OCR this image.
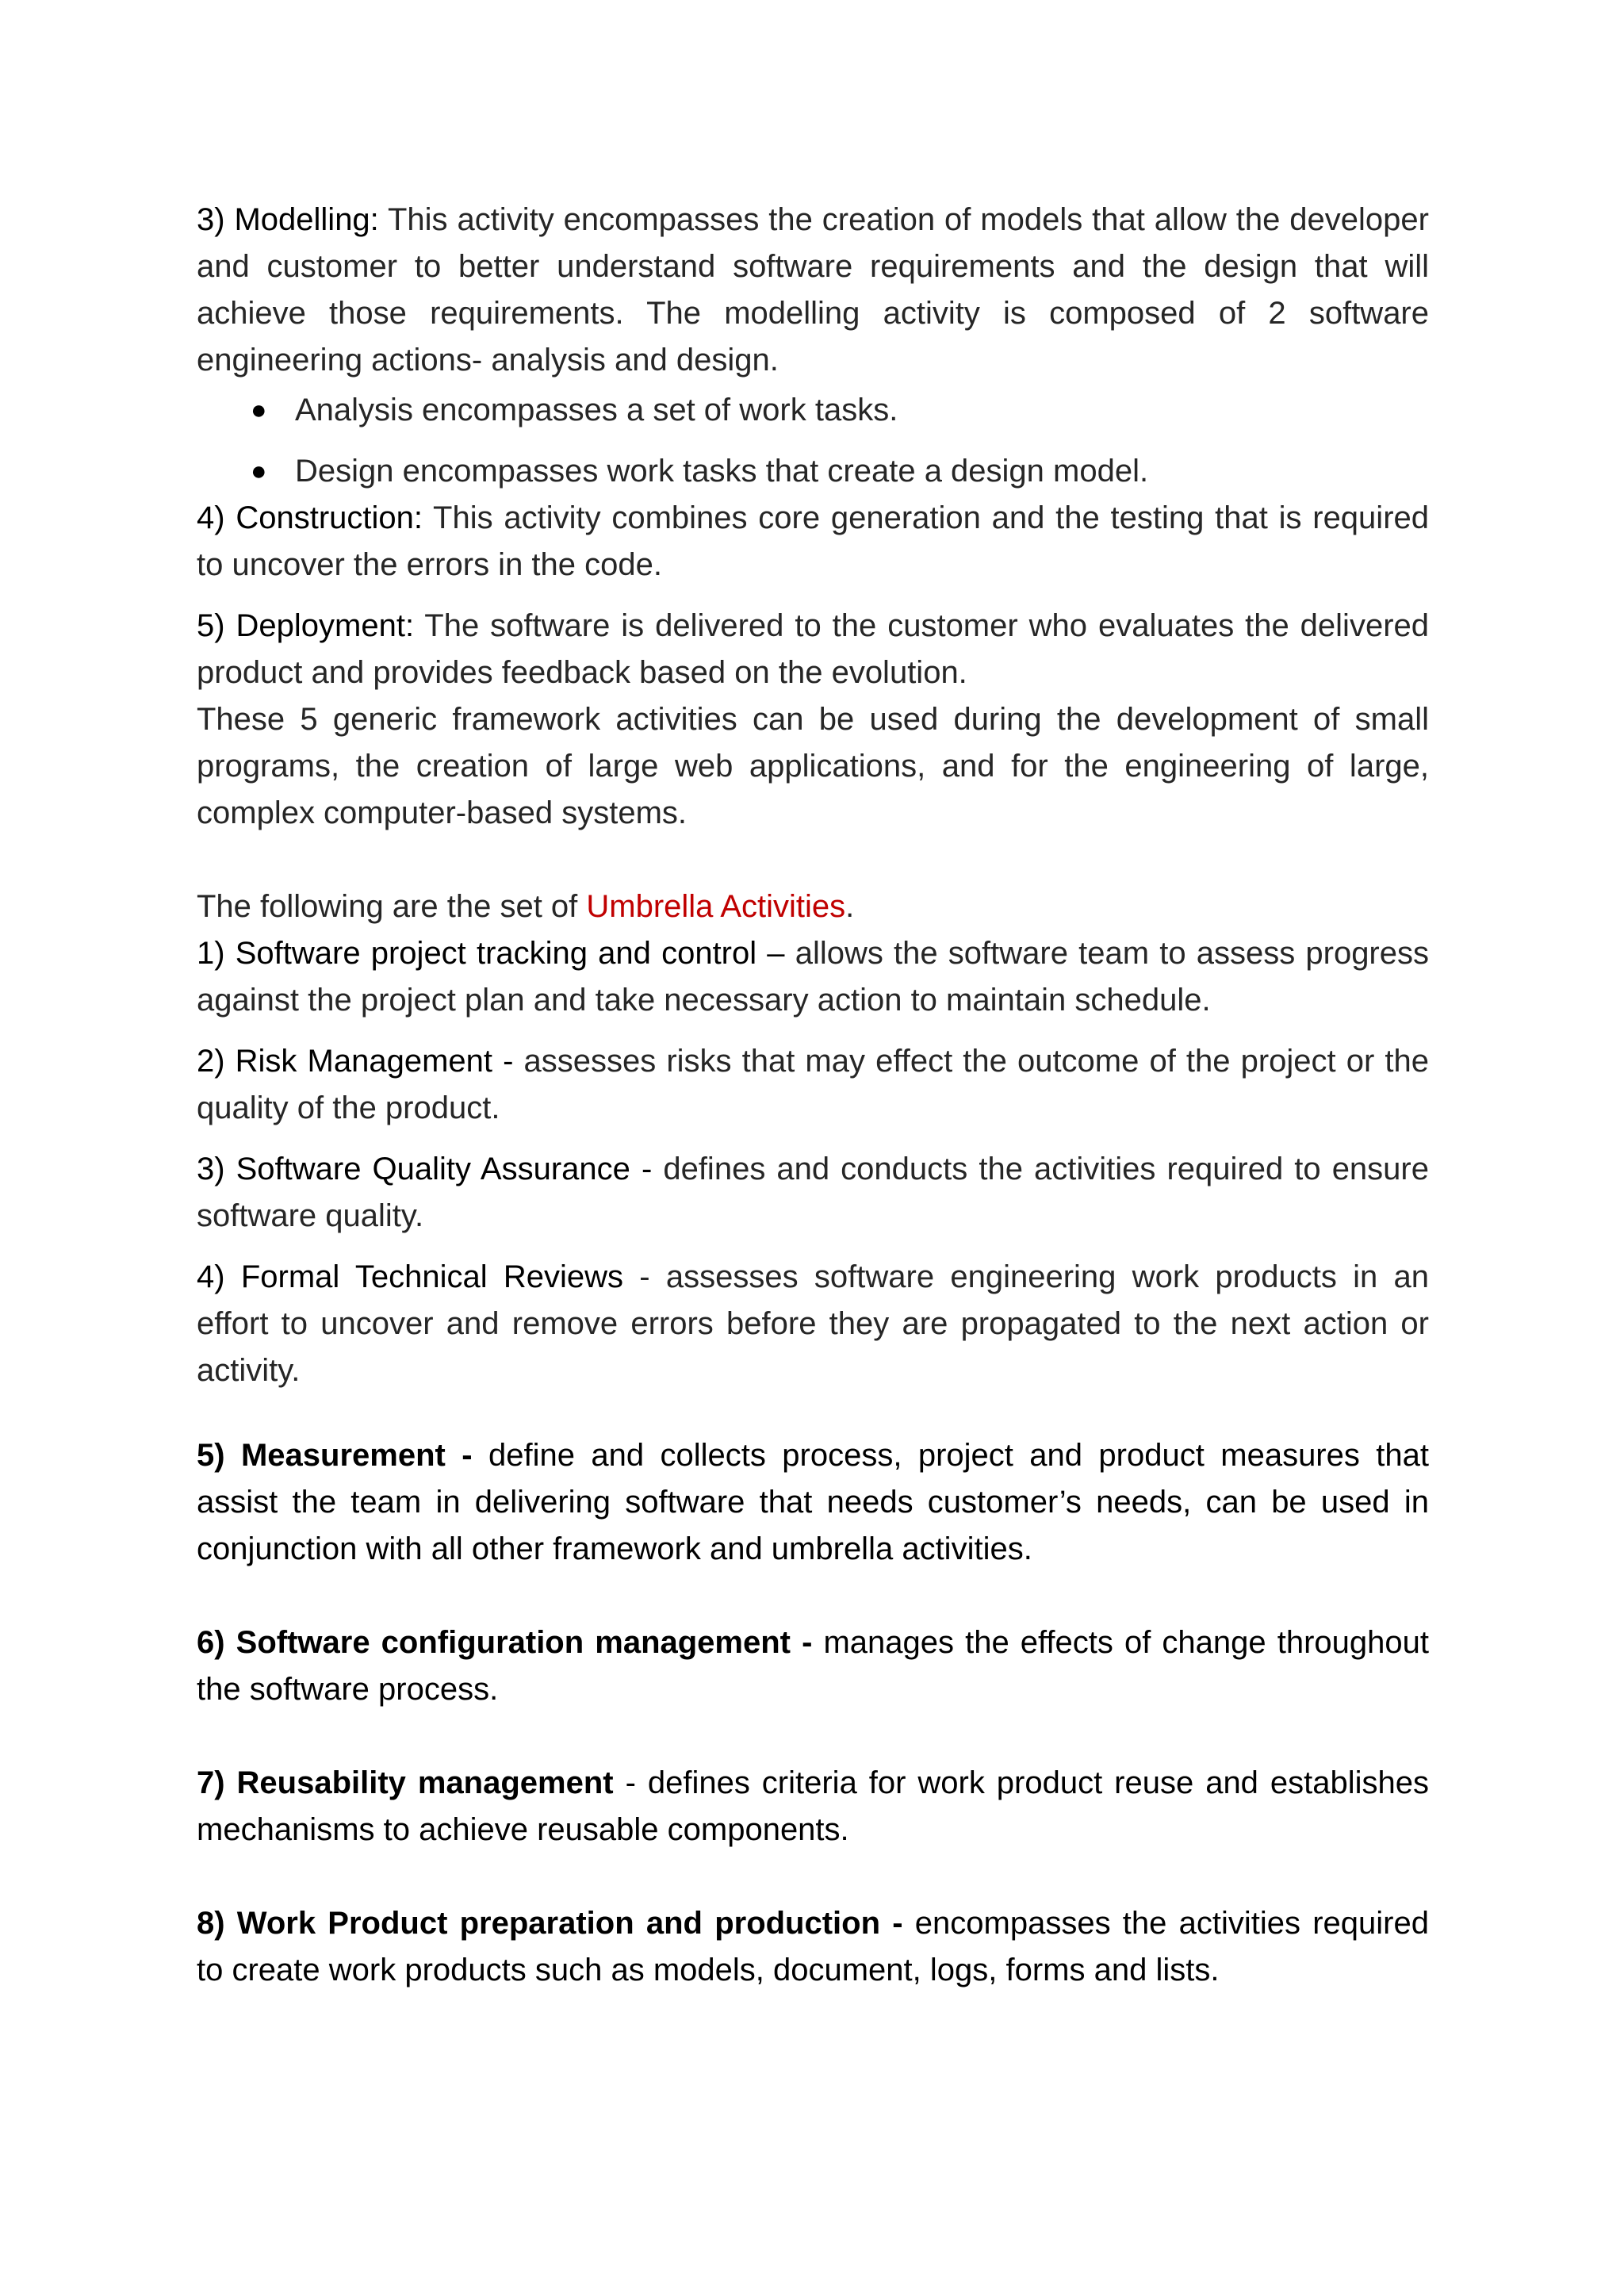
3) Modelling: This activity encompasses the creation of models that allow the developer and customer to better understand software requirements and the design that will achieve those requirements. The modelling activity is composed of 2 software engineering actions- analysis and design.

● Analysis encompasses a set of work tasks.
● Design encompasses work tasks that create a design model.

4) Construction: This activity combines core generation and the testing that is required to uncover the errors in the code.

5) Deployment: The software is delivered to the customer who evaluates the delivered product and provides feedback based on the evolution.

These 5 generic framework activities can be used during the development of small programs, the creation of large web applications, and for the engineering of large, complex computer-based systems.

The following are the set of Umbrella Activities.

1) Software project tracking and control – allows the software team to assess progress against the project plan and take necessary action to maintain schedule.

2) Risk Management - assesses risks that may effect the outcome of the project or the quality of the product.

3) Software Quality Assurance - defines and conducts the activities required to ensure software quality.

4) Formal Technical Reviews - assesses software engineering work products in an effort to uncover and remove errors before they are propagated to the next action or activity.

5) Measurement - define and collects process, project and product measures that assist the team in delivering software that needs customer’s needs, can be used in conjunction with all other framework and umbrella activities.

6) Software configuration management - manages the effects of change throughout the software process.

7) Reusability management - defines criteria for work product reuse and establishes mechanisms to achieve reusable components.

8) Work Product preparation and production - encompasses the activities required to create work products such as models, document, logs, forms and lists.
